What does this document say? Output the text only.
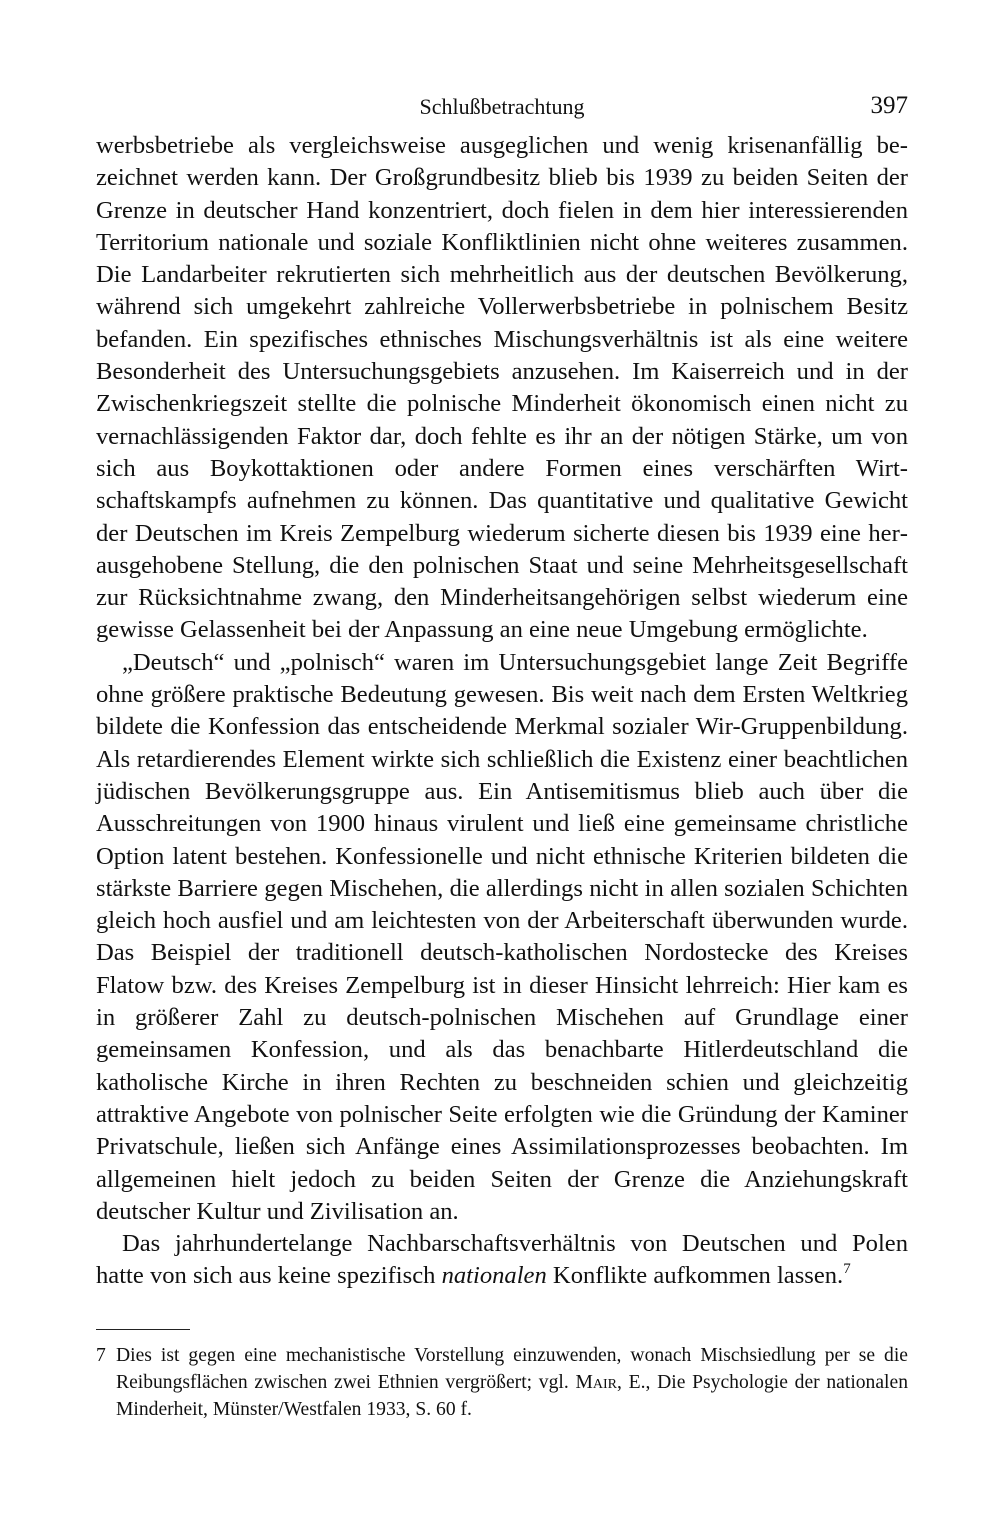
Schlußbetrachtung	397

werbsbetriebe als vergleichsweise ausgeglichen und wenig krisenanfällig bezeichnet werden kann. Der Großgrundbesitz blieb bis 1939 zu beiden Seiten der Grenze in deutscher Hand konzentriert, doch fielen in dem hier interessierenden Territorium nationale und soziale Konfliktlinien nicht ohne weiteres zusammen. Die Landarbeiter rekrutierten sich mehrheitlich aus der deutschen Bevölkerung, während sich umgekehrt zahlreiche Vollerwerbsbetriebe in polnischem Besitz befanden. Ein spezifisches ethnisches Mischungsverhältnis ist als eine weitere Besonderheit des Untersuchungsgebiets anzusehen. Im Kaiserreich und in der Zwischenkriegszeit stellte die polnische Minderheit ökonomisch einen nicht zu vernachlässigenden Faktor dar, doch fehlte es ihr an der nötigen Stärke, um von sich aus Boykottaktionen oder andere Formen eines verschärften Wirtschaftskampfs aufnehmen zu können. Das quantitative und qualitative Gewicht der Deutschen im Kreis Zempelburg wiederum sicherte diesen bis 1939 eine herausgehobene Stellung, die den polnischen Staat und seine Mehrheitsgesellschaft zur Rücksichtnahme zwang, den Minderheitsangehörigen selbst wiederum eine gewisse Gelassenheit bei der Anpassung an eine neue Umgebung ermöglichte.

„Deutsch“ und „polnisch“ waren im Untersuchungsgebiet lange Zeit Begriffe ohne größere praktische Bedeutung gewesen. Bis weit nach dem Ersten Weltkrieg bildete die Konfession das entscheidende Merkmal sozialer Wir-Gruppenbildung. Als retardierendes Element wirkte sich schließlich die Existenz einer beachtlichen jüdischen Bevölkerungsgruppe aus. Ein Antisemitismus blieb auch über die Ausschreitungen von 1900 hinaus virulent und ließ eine gemeinsame christliche Option latent bestehen. Konfessionelle und nicht ethnische Kriterien bildeten die stärkste Barriere gegen Mischehen, die allerdings nicht in allen sozialen Schichten gleich hoch ausfiel und am leichtesten von der Arbeiterschaft überwunden wurde. Das Beispiel der traditionell deutsch-katholischen Nordostecke des Kreises Flatow bzw. des Kreises Zempelburg ist in dieser Hinsicht lehrreich: Hier kam es in größerer Zahl zu deutsch-polnischen Mischehen auf Grundlage einer gemeinsamen Konfession, und als das benachbarte Hitlerdeutschland die katholische Kirche in ihren Rechten zu beschneiden schien und gleichzeitig attraktive Angebote von polnischer Seite erfolgten wie die Gründung der Kaminer Privatschule, ließen sich Anfänge eines Assimilationsprozesses beobachten. Im allgemeinen hielt jedoch zu beiden Seiten der Grenze die Anziehungskraft deutscher Kultur und Zivilisation an.

Das jahrhundertelange Nachbarschaftsverhältnis von Deutschen und Polen hatte von sich aus keine spezifisch nationalen Konflikte aufkommen lassen.$^7$

7 Dies ist gegen eine mechanistische Vorstellung einzuwenden, wonach Mischsiedlung per se die Reibungsflächen zwischen zwei Ethnien vergrößert; vgl. Mair, E., Die Psychologie der nationalen Minderheit, Münster/Westfalen 1933, S. 60 f.
